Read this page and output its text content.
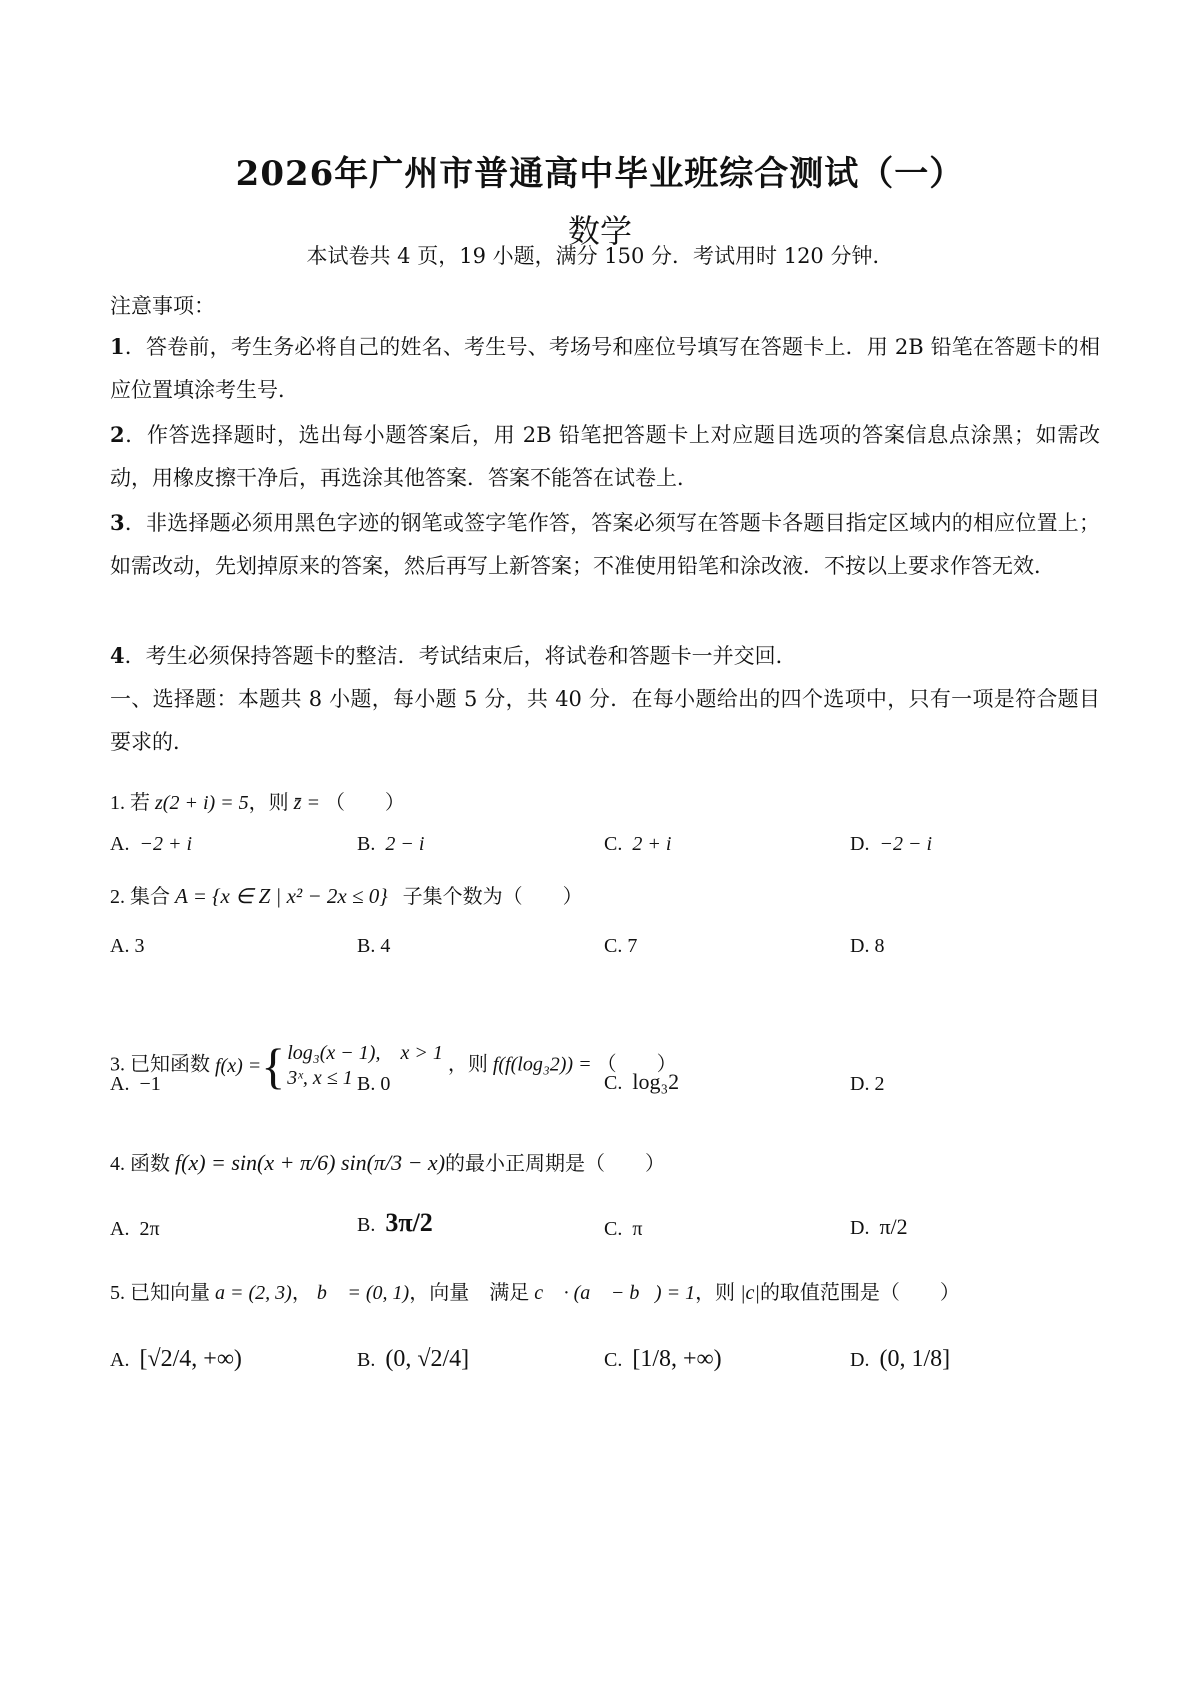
2026年广州市普通高中毕业班综合测试（一）
数学
本试卷共 4 页，19 小题，满分 150 分．考试用时 120 分钟．
注意事项：
1．答卷前，考生务必将自己的姓名、考生号、考场号和座位号填写在答题卡上．用 2B 铅笔在答题卡的相应位置填涂考生号．
2．作答选择题时，选出每小题答案后，用 2B 铅笔把答题卡上对应题目选项的答案信息点涂黑；如需改动，用橡皮擦干净后，再选涂其他答案．答案不能答在试卷上．
3．非选择题必须用黑色字迹的钢笔或签字笔作答，答案必须写在答题卡各题目指定区域内的相应位置上；如需改动，先划掉原来的答案，然后再写上新答案；不准使用铅笔和涂改液．不按以上要求作答无效．
4．考生必须保持答题卡的整洁．考试结束后，将试卷和答题卡一并交回．
一、选择题：本题共 8 小题，每小题 5 分，共 40 分．在每小题给出的四个选项中，只有一项是符合题目要求的．
1. 若 z(2 + i) = 5，则 z̄ = （　　）
A. −2 + i	B. 2 − i	C. 2 + i	D. −2 − i
2. 集合 A = {x ∈ Z | x² − 2x ≤ 0} 子集个数为（　　）
A. 3	B. 4	C. 7	D. 8
3. 已知函数 f(x) = { log₃(x − 1),　x > 1
3ˣ, x ≤ 1
，则 f(f(log₃2)) = （　　）
A. −1	B. 0	C. log₃2	D. 2
4. 函数 f(x) = sin(x + π/6) sin(π/3 − x)的最小正周期是（　　）
A. 2π	B. 3π/2	C. π	D. π/2
5. 已知向量 a = (2, 3)， b⃗ = (0, 1)，向量　满足 c⃗ · (a⃗ − b⃗) = 1，则 |c|的取值范围是（　　）
A. [√2/4, +∞)	B. (0, √2/4]	C. [1/8, +∞)	D. (0, 1/8]
